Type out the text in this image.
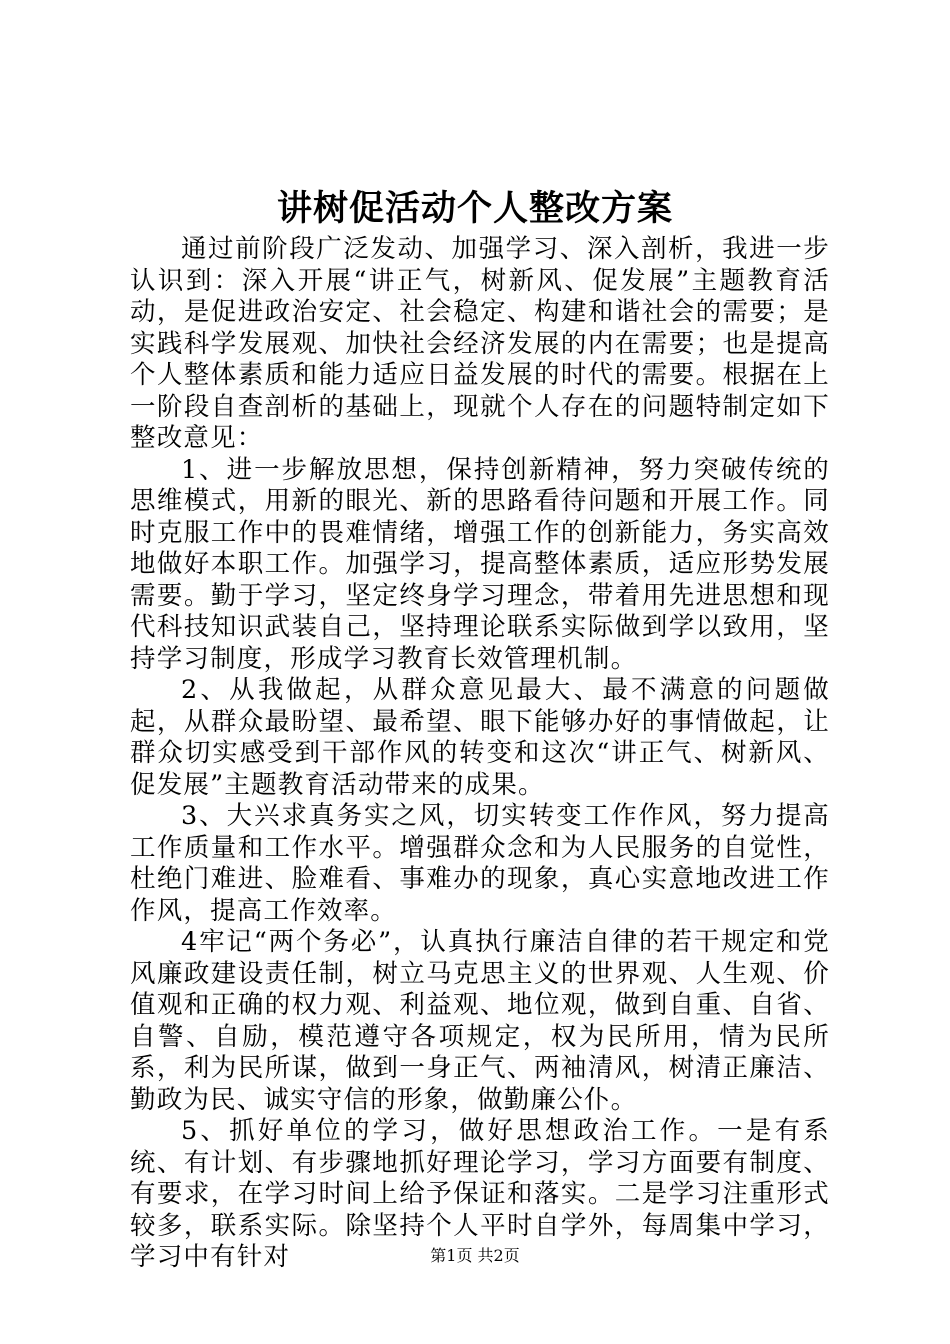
讲树促活动个人整改方案

通过前阶段广泛发动、加强学习、深入剖析，我进一步认识到：深入开展“讲正气，树新风、促发展”主题教育活动，是促进政治安定、社会稳定、构建和谐社会的需要；是实践科学发展观、加快社会经济发展的内在需要；也是提高个人整体素质和能力适应日益发展的时代的需要。根据在上一阶段自查剖析的基础上，现就个人存在的问题特制定如下整改意见：

1、进一步解放思想，保持创新精神，努力突破传统的思维模式，用新的眼光、新的思路看待问题和开展工作。同时克服工作中的畏难情绪，增强工作的创新能力，务实高效地做好本职工作。加强学习，提高整体素质，适应形势发展需要。勤于学习，坚定终身学习理念，带着用先进思想和现代科技知识武装自己，坚持理论联系实际做到学以致用，坚持学习制度，形成学习教育长效管理机制。

2、从我做起，从群众意见最大、最不满意的问题做起，从群众最盼望、最希望、眼下能够办好的事情做起，让群众切实感受到干部作风的转变和这次“讲正气、树新风、促发展”主题教育活动带来的成果。

3、大兴求真务实之风，切实转变工作作风，努力提高工作质量和工作水平。增强群众念和为人民服务的自觉性，杜绝门难进、脸难看、事难办的现象，真心实意地改进工作作风，提高工作效率。

4牢记“两个务必”，认真执行廉洁自律的若干规定和党风廉政建设责任制，树立马克思主义的世界观、人生观、价值观和正确的权力观、利益观、地位观，做到自重、自省、自警、自励，模范遵守各项规定，权为民所用，情为民所系，利为民所谋，做到一身正气、两袖清风，树清正廉洁、勤政为民、诚实守信的形象，做勤廉公仆。

5、抓好单位的学习，做好思想政治工作。一是有系统、有计划、有步骤地抓好理论学习，学习方面要有制度、有要求，在学习时间上给予保证和落实。二是学习注重形式较多，联系实际。除坚持个人平时自学外，每周集中学习，学习中有针对	第1页 共2页
